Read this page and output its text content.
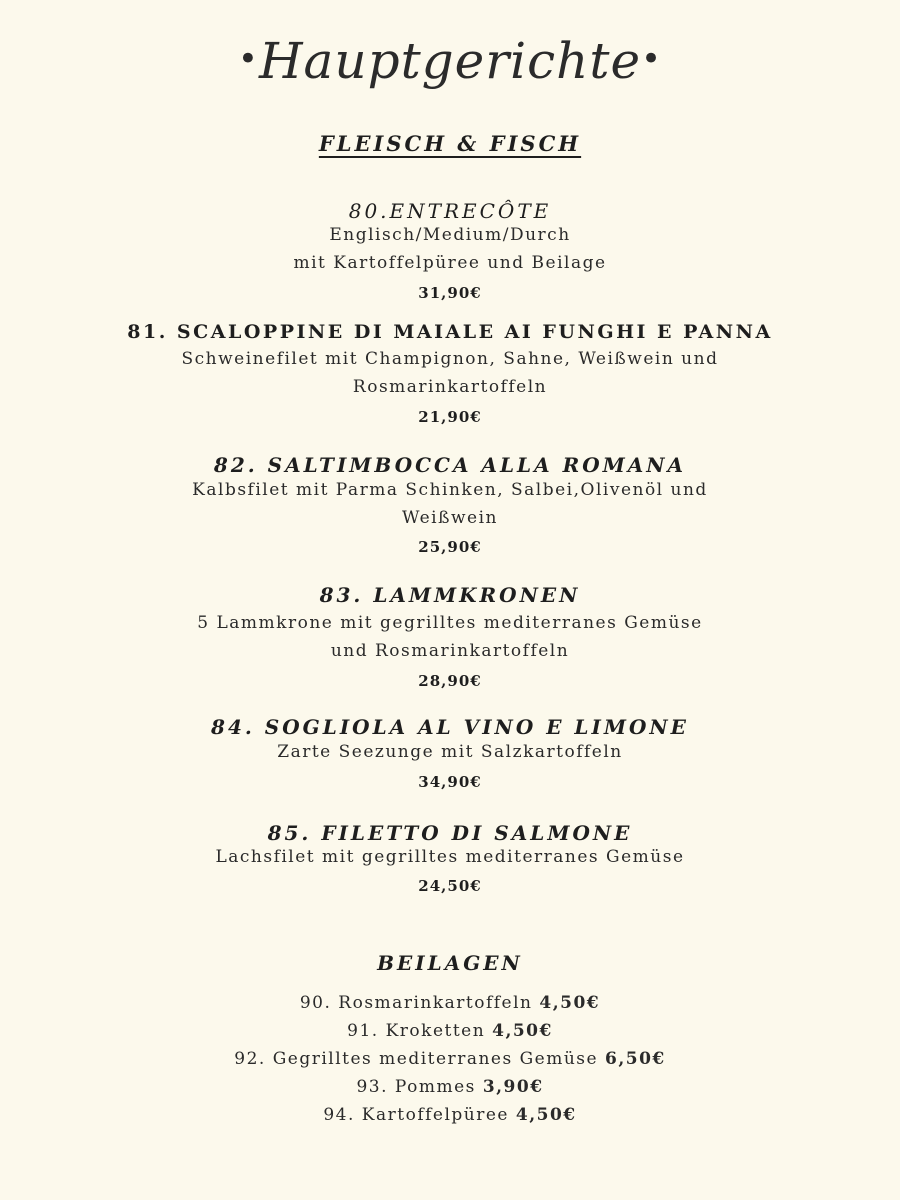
•Hauptgerichte•
FLEISCH & FISCH
80.ENTRECÔTE
Englisch/Medium/Durch
mit Kartoffelpüree und Beilage
31,90€
81. SCALOPPINE DI MAIALE AI FUNGHI E PANNA
Schweinefilet mit Champignon, Sahne, Weißwein und
Rosmarinkartoffeln
21,90€
82. SALTIMBOCCA ALLA ROMANA
Kalbsfilet mit Parma Schinken, Salbei,Olivenöl und
Weißwein
25,90€
83. LAMMKRONEN
5 Lammkrone mit gegrilltes mediterranes Gemüse
und Rosmarinkartoffeln
28,90€
84. SOGLIOLA AL VINO E LIMONE
Zarte Seezunge mit Salzkartoffeln
34,90€
85. FILETTO DI SALMONE
Lachsfilet mit gegrilltes mediterranes Gemüse
24,50€
BEILAGEN
90. Rosmarinkartoffeln 4,50€
91. Kroketten 4,50€
92. Gegrilltes mediterranes Gemüse 6,50€
93. Pommes 3,90€
94. Kartoffelpüree 4,50€
